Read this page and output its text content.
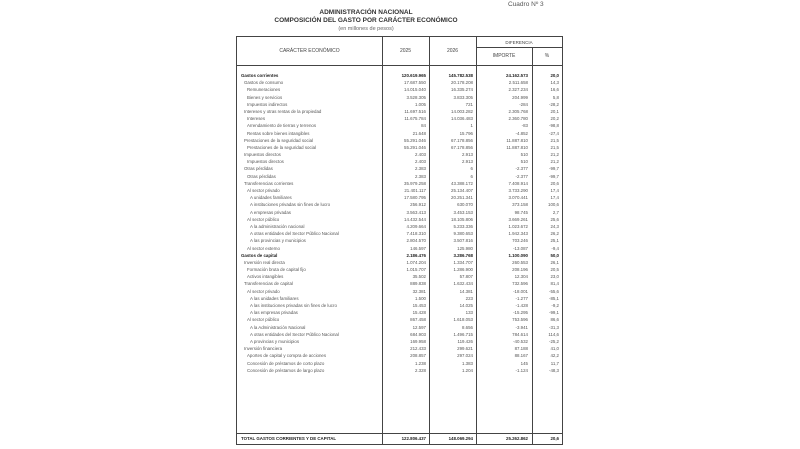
Cuadro Nº 3
ADMINISTRACIÓN NACIONAL
COMPOSICIÓN DEL GASTO POR CARÁCTER ECONÓMICO
(en millones de pesos)
CARÁCTER ECONÓMICO	2025	2026
DIFERENCIA
IMPORTE	%
Gastos corrientes	120.619.965	145.782.538	24.162.573	20,0
Gastos de consumo	17.687.550	20.178.208	2.511.658	14,3
Remuneraciones	14.015.040	16.335.274	2.327.234	16,6
Bienes y servicios	3.528.305	3.833.305	204.999	5,8
Impuestos indirectos	1.005	721	-284	-28,2
Intereses y otras rentas de la propiedad	11.697.516	14.003.282	2.305.768	20,1
Intereses	11.675.784	14.036.483	2.360.780	20,2
Arrendamiento de tierras y terrenos	84	1	-83	-98,8
Rentas sobre bienes intangibles	21.648	15.796	-4.852	-27,4
Prestaciones de la seguridad social	55.291.046	67.178.856	11.887.810	21,5
Prestaciones de la seguridad social	55.291.046	67.178.856	11.887.810	21,5
Impuestos directos	2.403	2.913	510	21,2
Impuestos directos	2.403	2.913	510	21,2
Otras pérdidas	2.383	6	-2.377	-99,7
Otras pérdidas	2.383	6	-2.377	-99,7
Transferencias corrientes	35.979.258	43.388.172	7.408.914	20,6
Al sector privado	21.401.117	25.134.407	3.733.290	17,4
A unidades familiares	17.580.795	20.251.341	3.070.441	17,4
A instituciones privadas sin fines de lucro	256.912	630.070	373.158	100,6
A empresas privadas	3.563.413	3.453.153	98.745	2,7
Al sector público	14.432.544	18.105.806	3.669.261	25,6
A la administración nacional	4.209.664	5.233.336	1.023.672	24,3
A otras entidades del Sector Público Nacional	7.418.310	9.380.653	1.942.343	26,2
A las provincias y municipios	2.804.570	3.507.816	703.246	25,1
Al sector externo	146.597	125.980	-13.087	-9,4
Gastos de capital	2.186.476	3.286.768	1.100.090	50,0
Inversión real directa	1.074.204	1.334.707	260.553	26,1
Formación bruta de capital fijo	1.015.707	1.286.900	208.196	20,5
Activos intangibles	35.502	57.807	12.304	23,0
Transferencias de capital	889.838	1.632.434	732.596	81,4
Al sector privado	32.381	14.381	-18.001	-55,6
A las unidades familiares	1.500	223	-1.277	-85,1
A las instituciones privadas sin fines de lucro	15.453	14.025	-1.428	-9,2
A las empresas privadas	15.428	133	-15.295	-99,1
Al sector público	867.458	1.618.053	753.596	86,6
A la Administración Nacional	12.597	8.656	-3.941	-31,3
A otras entidades del Sector Público Nacional	684.903	1.496.715	784.614	114,6
A provincias y municipios	169.958	119.426	-40.532	-25,2
Inversión financiera	212.433	299.621	87.188	41,0
Aportes de capital y compra de acciones	208.857	297.024	88.167	42,2
Concesión de préstamos de corto plazo	1.238	1.383	145	11,7
Concesión de préstamos de largo plazo	2.328	1.204	-1.124	-48,3
TOTAL GASTOS CORRIENTES Y DE CAPITAL	122.806.437	148.069.294	25.262.862	20,6
